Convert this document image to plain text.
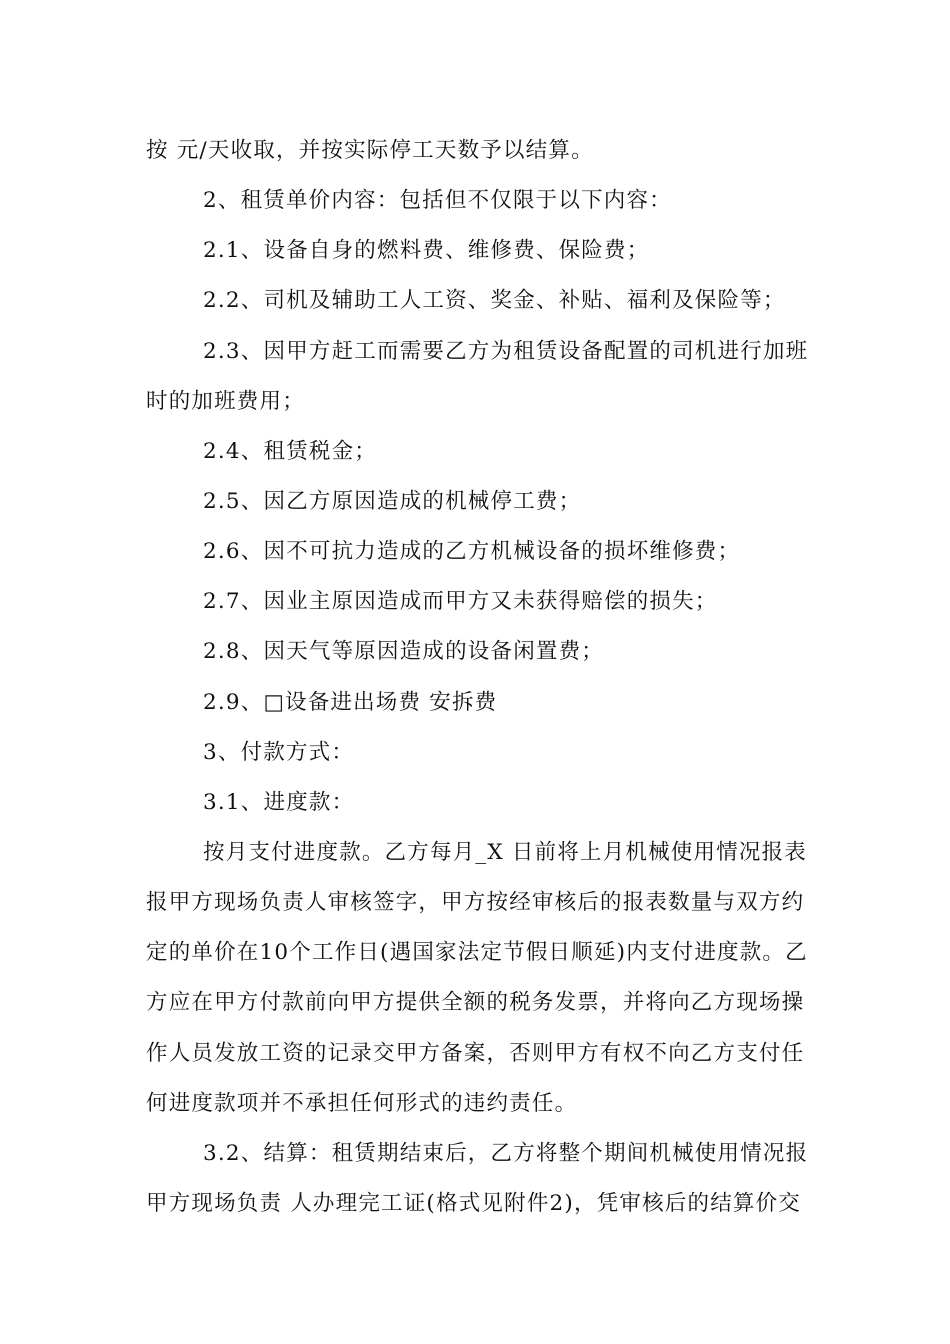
按 元/天收取，并按实际停工天数予以结算。
2、租赁单价内容：包括但不仅限于以下内容：
2.1、设备自身的燃料费、维修费、保险费；
2.2、司机及辅助工人工资、奖金、补贴、福利及保险等；
2.3、因甲方赶工而需要乙方为租赁设备配置的司机进行加班
时的加班费用；
2.4、租赁税金；
2.5、因乙方原因造成的机械停工费；
2.6、因不可抗力造成的乙方机械设备的损坏维修费；
2.7、因业主原因造成而甲方又未获得赔偿的损失；
2.8、因天气等原因造成的设备闲置费；
2.9、□设备进出场费 安拆费
3、付款方式：
3.1、进度款：
按月支付进度款。乙方每月_X 日前将上月机械使用情况报表
报甲方现场负责人审核签字，甲方按经审核后的报表数量与双方约
定的单价在10个工作日(遇国家法定节假日顺延)内支付进度款。乙
方应在甲方付款前向甲方提供全额的税务发票，并将向乙方现场操
作人员发放工资的记录交甲方备案，否则甲方有权不向乙方支付任
何进度款项并不承担任何形式的违约责任。
3.2、结算：租赁期结束后，乙方将整个期间机械使用情况报
甲方现场负责 人办理完工证(格式见附件2)，凭审核后的结算价交
